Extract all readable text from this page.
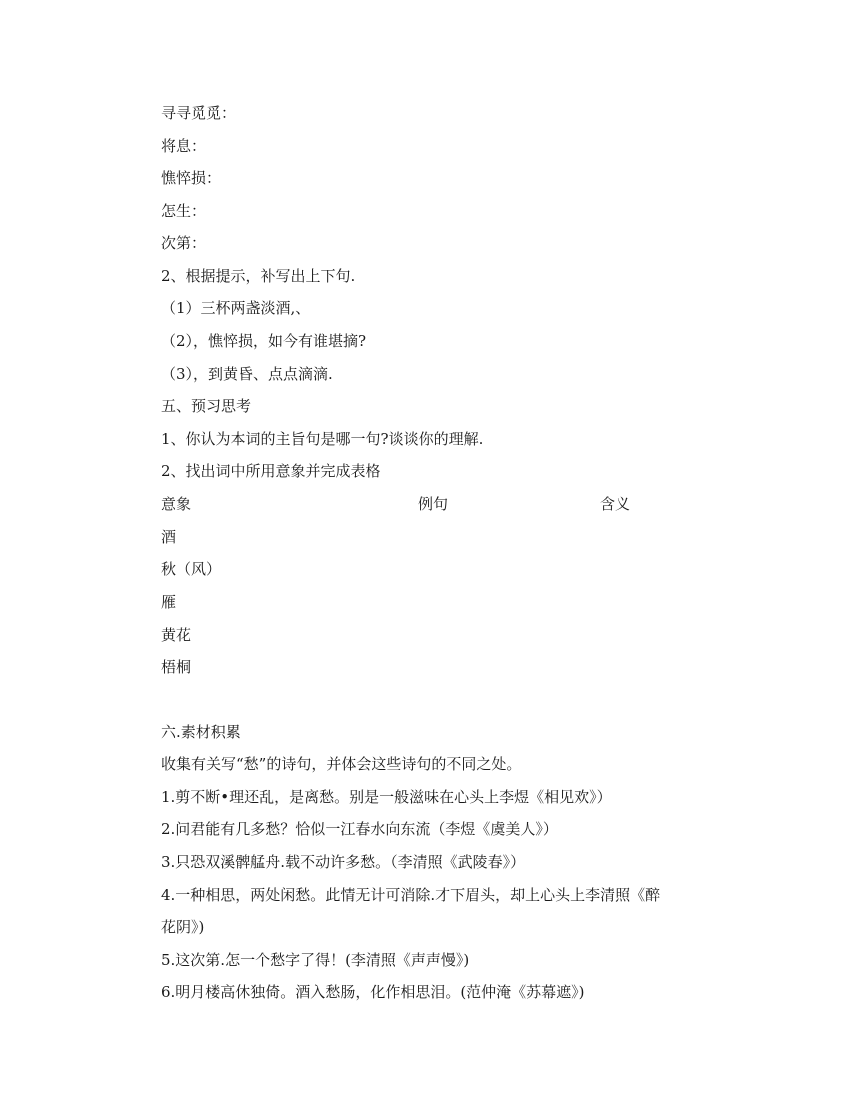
寻寻觅觅：
将息：
憔悴损：
怎生：
次第：
2、根据提示，补写出上下句.
（1）三杯两盏淡酒,、
（2），憔悴损，如今有谁堪摘?
（3），到黄昏、点点滴滴.
五、预习思考
1、你认为本词的主旨句是哪一句?谈谈你的理解.
2、找出词中所用意象并完成表格
意象	例句	含义
酒
秋（风）
雁
黄花
梧桐
六.素材积累
收集有关写“愁”的诗句，并体会这些诗句的不同之处。
1.剪不断•理还乱，是离愁。别是一般滋味在心头上李煜《相见欢》）
2.问君能有几多愁？恰似一江春水向东流（李煜《虞美人》）
3.只恐双溪髀艋舟.载不动许多愁。（李清照《武陵春》）
4.一种相思，两处闲愁。此情无计可消除.才下眉头，却上心头上李清照《醉
花阴》)
5.这次第.怎一个愁字了得！(李清照《声声慢》)
6.明月楼高休独倚。酒入愁肠，化作相思泪。(范仲淹《苏幕遮》)
